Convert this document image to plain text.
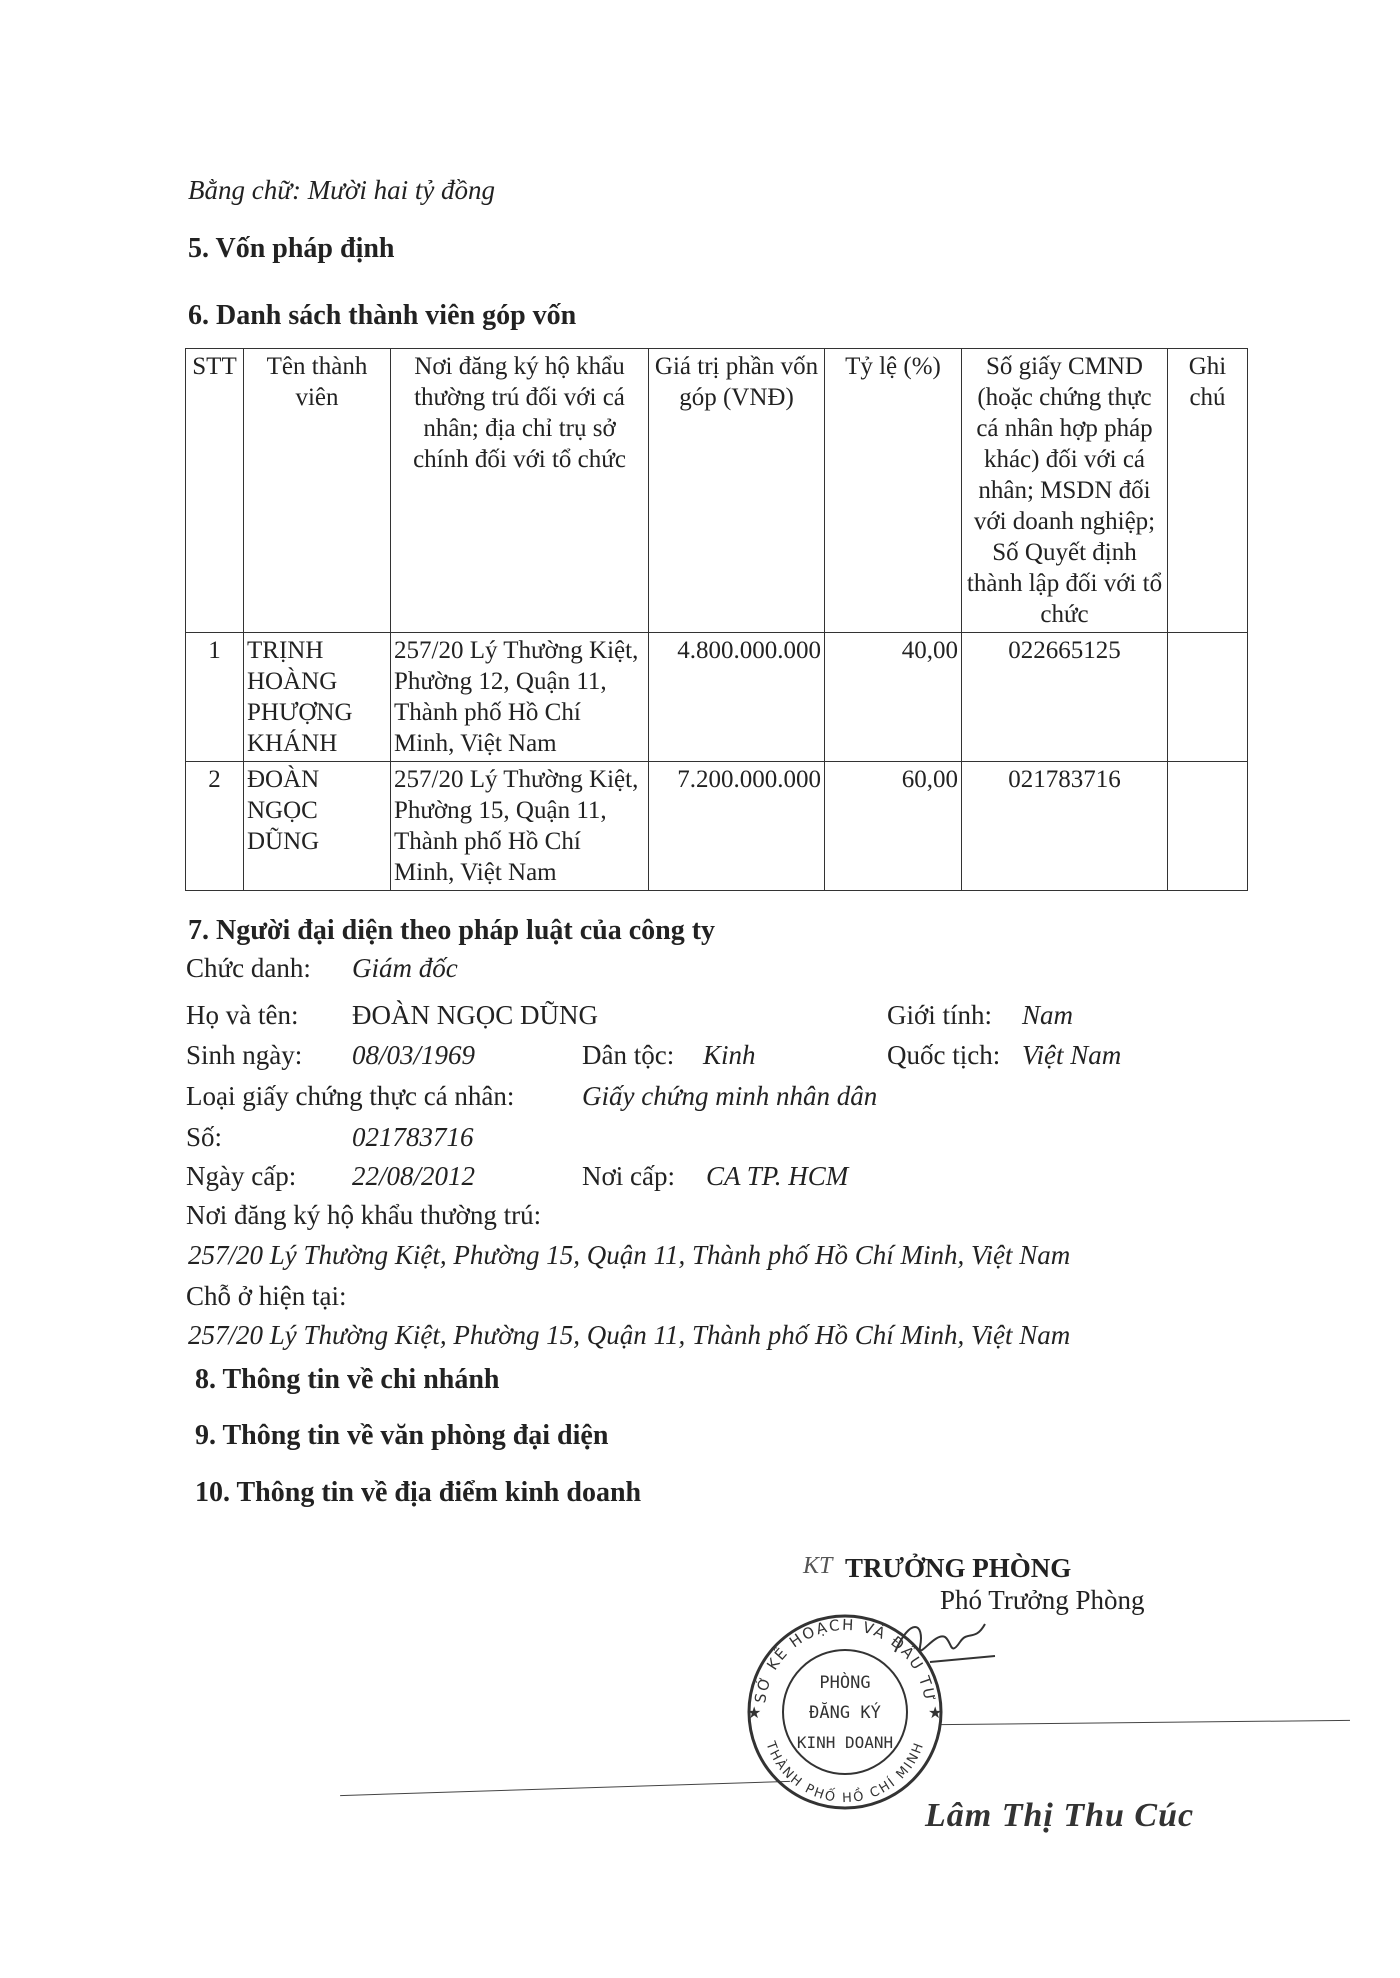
Bằng chữ: Mười hai tỷ đồng
5. Vốn pháp định
6. Danh sách thành viên góp vốn
STT	Tên thành viên	Nơi đăng ký hộ khẩu thường trú đối với cá nhân; địa chỉ trụ sở chính đối với tổ chức	Giá trị phần vốn góp (VNĐ)	Tỷ lệ (%)	Số giấy CMND (hoặc chứng thực cá nhân hợp pháp khác) đối với cá nhân; MSDN đối với doanh nghiệp; Số Quyết định thành lập đối với tổ chức	Ghi chú
1	TRỊNH HOÀNG PHƯỢNG KHÁNH	257/20 Lý Thường Kiệt, Phường 12, Quận 11, Thành phố Hồ Chí Minh, Việt Nam	4.800.000.000	40,00	022665125	
2	ĐOÀN NGỌC DŨNG	257/20 Lý Thường Kiệt, Phường 15, Quận 11, Thành phố Hồ Chí Minh, Việt Nam	7.200.000.000	60,00	021783716	
7. Người đại diện theo pháp luật của công ty
Chức danh: Giám đốc
Họ và tên: ĐOÀN NGỌC DŨNG	Giới tính: Nam
Sinh ngày: 08/03/1969	Dân tộc: Kinh	Quốc tịch: Việt Nam
Loại giấy chứng thực cá nhân:	Giấy chứng minh nhân dân
Số:	021783716
Ngày cấp: 22/08/2012	Nơi cấp: CA TP. HCM
Nơi đăng ký hộ khẩu thường trú:
257/20 Lý Thường Kiệt, Phường 15, Quận 11, Thành phố Hồ Chí Minh, Việt Nam
Chỗ ở hiện tại:
257/20 Lý Thường Kiệt, Phường 15, Quận 11, Thành phố Hồ Chí Minh, Việt Nam
8. Thông tin về chi nhánh
9. Thông tin về văn phòng đại diện
10. Thông tin về địa điểm kinh doanh
KT TRƯỞNG PHÒNG
Phó Trưởng Phòng
SỞ KẾ HOẠCH VÀ ĐẦU TƯ
THÀNH PHỐ HỒ CHÍ MINH
★	★
PHÒNG
ĐĂNG KÝ
KINH DOANH
Lâm Thị Thu Cúc
